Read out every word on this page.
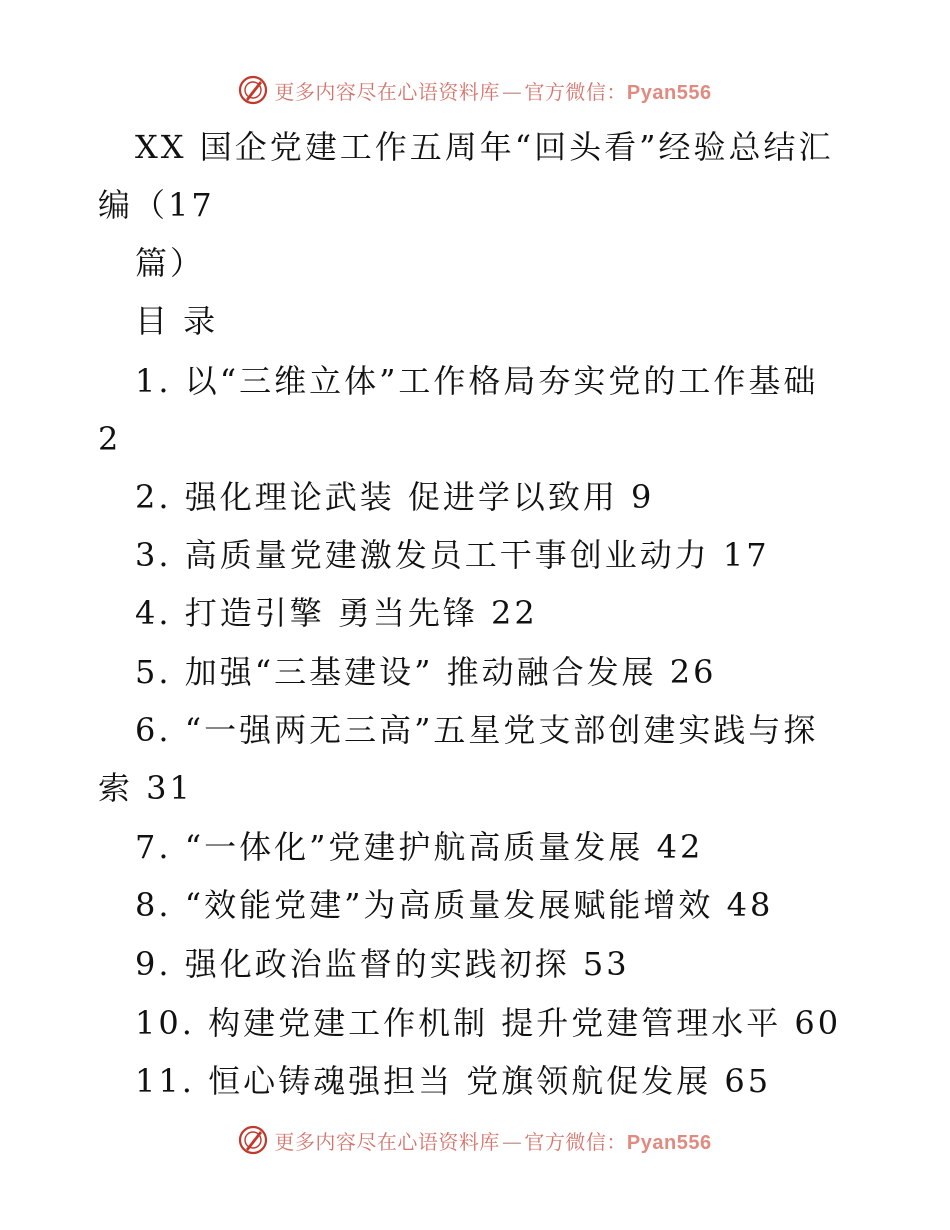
更多内容尽在心语资料库 — 官方微信：Pyan556
XX 国企党建工作五周年“回头看”经验总结汇
编（17
篇）
目 录
1. 以“三维立体”工作格局夯实党的工作基础
2
2. 强化理论武装 促进学以致用 9
3. 高质量党建激发员工干事创业动力 17
4. 打造引擎 勇当先锋 22
5. 加强“三基建设” 推动融合发展 26
6. “一强两无三高”五星党支部创建实践与探
索 31
7. “一体化”党建护航高质量发展 42
8. “效能党建”为高质量发展赋能增效 48
9. 强化政治监督的实践初探 53
10. 构建党建工作机制 提升党建管理水平 60
11. 恒心铸魂强担当 党旗领航促发展 65
更多内容尽在心语资料库 — 官方微信：Pyan556
